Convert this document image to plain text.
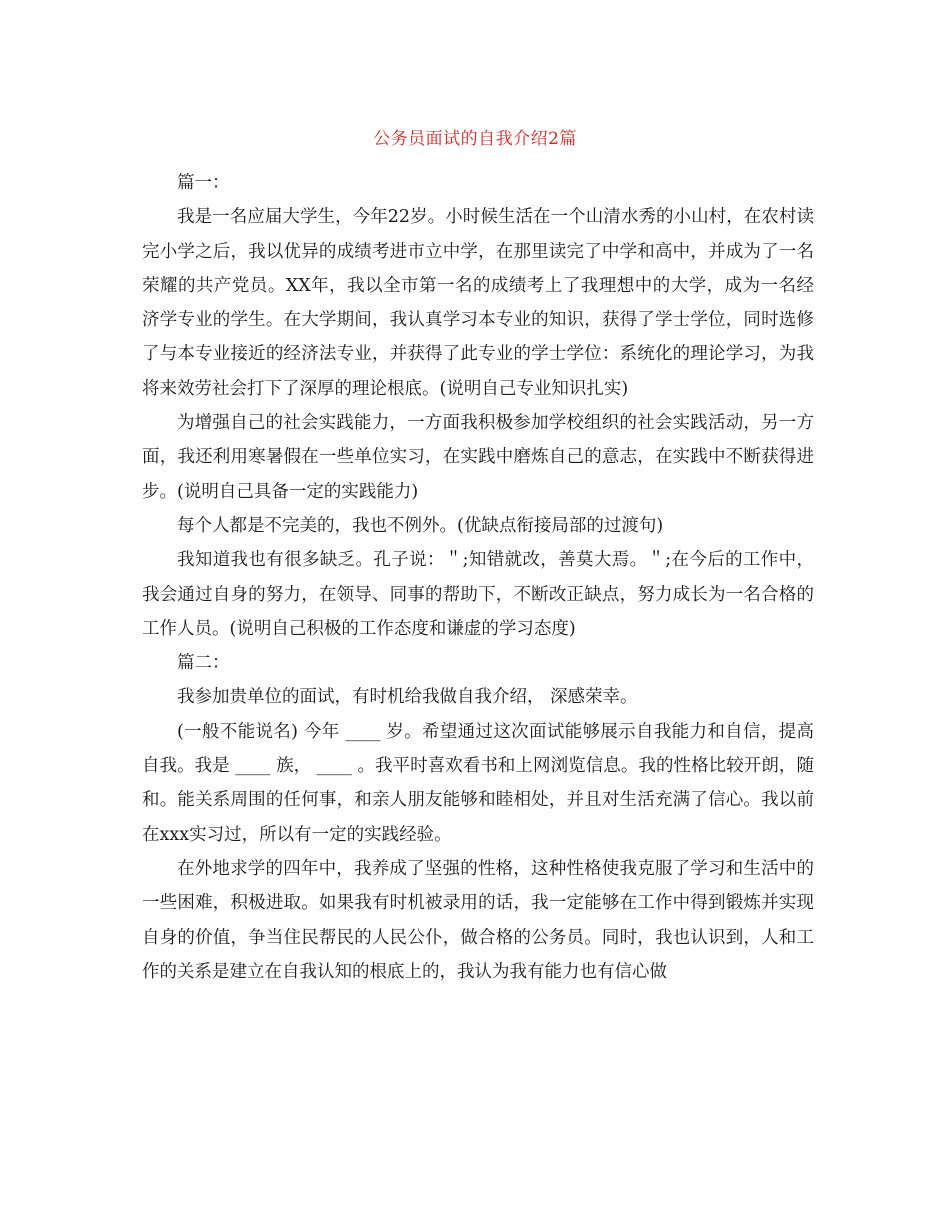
公务员面试的自我介绍2篇

篇一：

我是一名应届大学生，今年22岁。小时候生活在一个山清水秀的小山村，在农村读完小学之后，我以优异的成绩考进市立中学，在那里读完了中学和高中，并成为了一名荣耀的共产党员。XX年，我以全市第一名的成绩考上了我理想中的大学，成为一名经济学专业的学生。在大学期间，我认真学习本专业的知识，获得了学士学位，同时选修了与本专业接近的经济法专业，并获得了此专业的学士学位：系统化的理论学习，为我将来效劳社会打下了深厚的理论根底。(说明自己专业知识扎实)

为增强自己的社会实践能力，一方面我积极参加学校组织的社会实践活动，另一方面，我还利用寒暑假在一些单位实习，在实践中磨炼自己的意志，在实践中不断获得进步。(说明自己具备一定的实践能力)

每个人都是不完美的，我也不例外。(优缺点衔接局部的过渡句)

我知道我也有很多缺乏。孔子说：＂;知错就改，善莫大焉。＂;在今后的工作中，我会通过自身的努力，在领导、同事的帮助下，不断改正缺点，努力成长为一名合格的工作人员。(说明自己积极的工作态度和谦虚的学习态度)

篇二：

我参加贵单位的面试，有时机给我做自我介绍， 深感荣幸。

(一般不能说名) 今年 ____ 岁。希望通过这次面试能够展示自我能力和自信，提高自我。我是 ____ 族， ____ 。我平时喜欢看书和上网浏览信息。我的性格比较开朗，随和。能关系周围的任何事，和亲人朋友能够和睦相处，并且对生活充满了信心。我以前在xxx实习过，所以有一定的实践经验。

在外地求学的四年中，我养成了坚强的性格，这种性格使我克服了学习和生活中的一些困难，积极进取。如果我有时机被录用的话，我一定能够在工作中得到锻炼并实现自身的价值，争当住民帮民的人民公仆，做合格的公务员。同时，我也认识到，人和工作的关系是建立在自我认知的根底上的，我认为我有能力也有信心做
